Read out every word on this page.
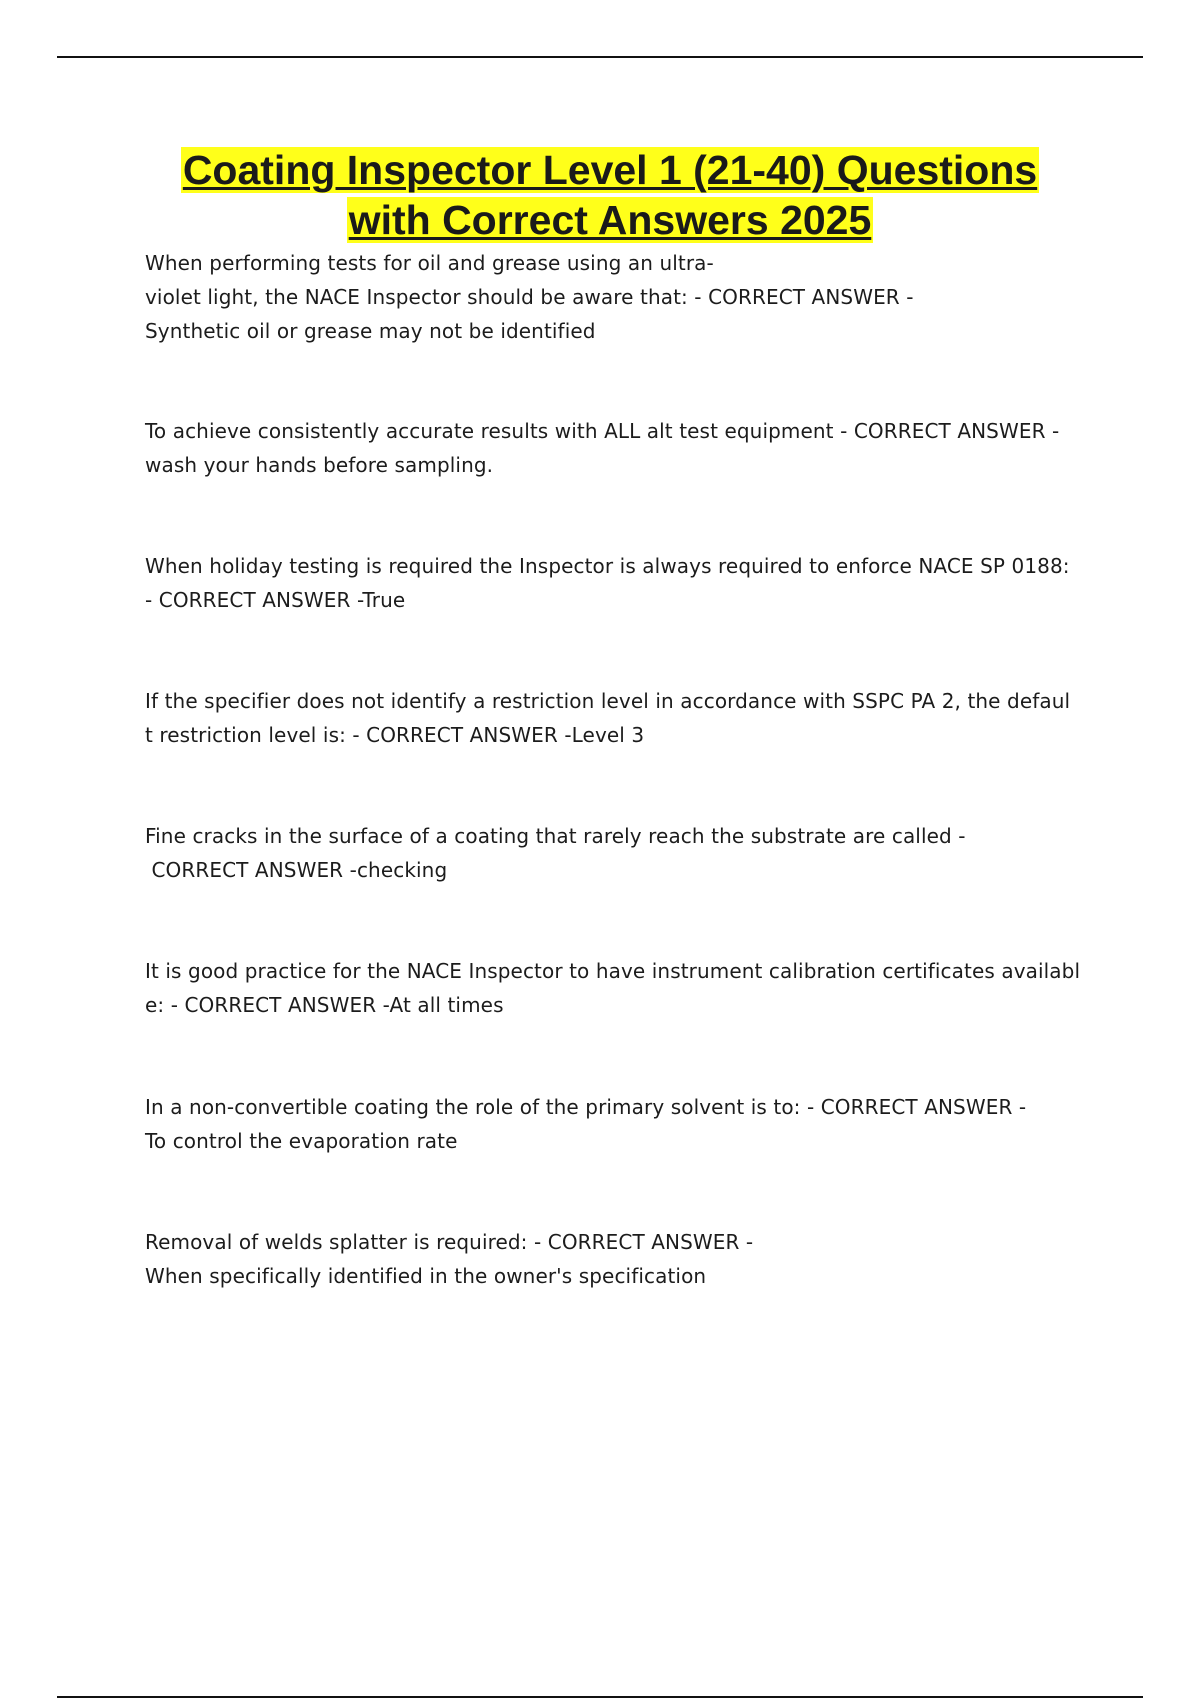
Coating Inspector Level 1 (21-40) Questions
with Correct Answers 2025

When performing tests for oil and grease using an ultra-
violet light, the NACE Inspector should be aware that: - CORRECT ANSWER -
Synthetic oil or grease may not be identified

To achieve consistently accurate results with ALL alt test equipment - CORRECT ANSWER -
wash your hands before sampling.

When holiday testing is required the Inspector is always required to enforce NACE SP 0188:
- CORRECT ANSWER -True

If the specifier does not identify a restriction level in accordance with SSPC PA 2, the defaul
t restriction level is: - CORRECT ANSWER -Level 3

Fine cracks in the surface of a coating that rarely reach the substrate are called -
CORRECT ANSWER -checking

It is good practice for the NACE Inspector to have instrument calibration certificates availabl
e: - CORRECT ANSWER -At all times

In a non-convertible coating the role of the primary solvent is to: - CORRECT ANSWER -
To control the evaporation rate

Removal of welds splatter is required: - CORRECT ANSWER -
When specifically identified in the owner's specification
